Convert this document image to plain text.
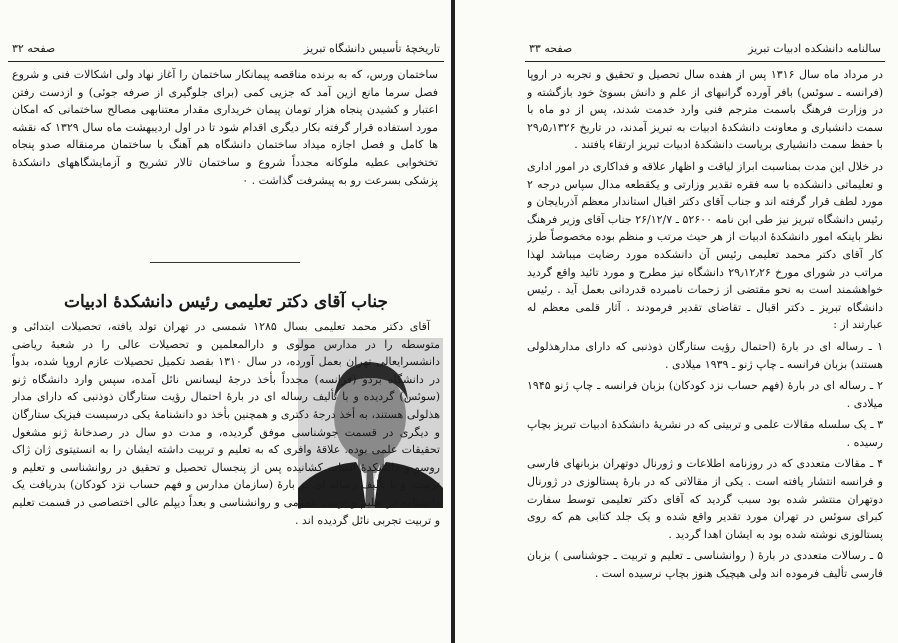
صفحه ۳۲	تاریخچهٔ تأسیس دانشگاه تبریز

ساختمان ورس، که به برنده مناقصه پیمانکار ساختمان را آغاز نهاد ولی اشکالات فنی و شروع فصل سرما مانع ازین آمد که جزیی کمی (برای جلوگیری از صرفه جوئی) و ازدست رفتن اعتبار و کشیدن پنجاه هزار تومان پیمان خریداری مقدار معتنابهی مصالح ساختمانی که امکان مورد استفاده قرار گرفته بکار دیگری اقدام شود تا در اول اردیبهشت ماه سال ۱۳۲۹ که نقشه ها کامل و فصل اجازه میداد ساختمان دانشگاه هم آهنگ با ساختمان مرمنقاله صدو پنجاه تختخوابی عطیه ملوکانه مجدداً شروع و ساختمان تالار تشریح و آزمایشگاههای دانشکدهٔ پزشکی بسرعت رو به پیشرفت گذاشت . ۰

جناب آقای دکتر تعلیمی رئیس دانشکدهٔ ادبیات

آقای دکتر محمد تعلیمی بسال ۱۲۸۵ شمسی در تهران تولد یافته، تحصیلات ابتدائی و متوسطه را در مدارس مولوی و دارالمعلمین و تحصیلات عالی را در شعبهٔ ریاضی دانشسرایعالی تهران بعمل آورده، در سال ۱۳۱۰ بقصد تکمیل تحصیلات عازم اروپا شده، بدواً در دانشگاه بردو (فرانسه) مجدداً بأخذ درجهٔ لیسانس نائل آمده، سپس وارد دانشگاه ژنو (سوئس) گردیده و با تألیف رساله ای در بارهٔ احتمال رؤیت ستارگان ذوذنبی که دارای مدار هذلولی هستند، به أخذ درجهٔ دکتری و همچنین بأخذ دو دانشنامهٔ یکی درسیست فیزیک ستارگان و دیگری در قسمت جوشناسی موفق گردیده، و مدت دو سال در رصدخانهٔ ژنو مشغول تحقیقات علمی بوده. علاقهٔ وافری که به تعلیم و تربیت داشته ایشان را به انستیتوی ژان ژاک روسو و دانشکدهٔ ادبیات کشانیده پس از پنجسال تحصیل و تحقیق در روانشناسی و تعلیم و تربیت، و با تألیف رساله ای در بارهٔ (سازمان مدارس و فهم حساب نزد کودکان) بدریافت یک دانشنامه در تعلیم و تربیت عمومی و روانشناسی و بعداً دیپلم عالی اختصاصی در قسمت تعلیم و تربیت تجربی نائل گردیده اند .

صفحه ۳۳	سالنامه دانشکده ادبیات تبریز

در مرداد ماه سال ۱۳۱۶ پس از هفده سال تحصیل و تحقیق و تجربه در اروپا (فرانسه ـ سوئس) بافر آورده گرانبهای از علم و دانش بسوئ خود بازگشته و در وزارت فرهنگ باسمت مترجم فنی وارد خدمت شدند، پس از دو ماه با سمت دانشیاری و معاونت دانشکدهٔ ادبیات به تبریز آمدند، در تاریخ ۲۹٫۵٫۱۳۲۶ با حفظ سمت دانشیاری بریاست دانشکدهٔ ادبیات تبریز ارتقاء یافتند .

در خلال این مدت بمناسبت ابراز لیاقت و اظهار علاقه و فداکاری در امور اداری و تعلیماتی دانشکده با سه فقره تقدیر وزارتی و یکقطعه مدال سپاس درجه ۲ مورد لطف قرار گرفته اند و جناب آقای دکتر اقبال استاندار معظم آذربایجان و رئیس دانشگاه تبریز نیز طی ابن نامه ۵۲۶۰۰ ـ ۲۶/۱۲/۷ جناب آقای وزیر فرهنگ نظر باینکه امور دانشکدهٔ ادبیات از هر حیث مرتب و منظم بوده مخصوصاً طرز کار آقای دکتر محمد تعلیمی رئیس آن دانشکده مورد رضایت میباشد لهذا مراتب در شورای مورخ ۲۹٫۱۲٫۲۶ دانشگاه نیز مطرح و مورد تائید واقع گردید خواهشمند است به نحو مقتضی از زحمات نامبرده قدردانی بعمل آید . رئیس دانشگاه تبریز ـ دکتر اقبال ـ تقاضای تقدیر فرمودند . آثار قلمی معظم له عبارتند از :

۱ ـ رساله ای در بارهٔ (احتمال رؤیت ستارگان ذوذنبی که دارای مدارهذلولی هستند) بزبان فرانسه ـ چاپ ژنو ـ ۱۹۳۹ میلادی .

۲ ـ رساله ای در بارهٔ (فهم حساب نزد کودکان) بزبان فرانسه ـ چاپ ژنو ۱۹۴۵ میلادی .

۳ ـ یک سلسله مقالات علمی و تربیتی که در نشریهٔ دانشکدهٔ ادبیات تبریز بچاپ رسیده .

۴ ـ مقالات متعددی که در روزنامه اطلاعات و ژورنال دوتهران بزبانهای فارسی و فرانسه انتشار یافته است . یکی از مقالاتی که در بارهٔ پستالوزی در ژورنال دوتهران منتشر شده بود سبب گردید که آقای دکتر تعلیمی توسط سفارت کبرای سوئس در تهران مورد تقدیر واقع شده و یک جلد کتابی هم که روی پستالوزی نوشته شده بود به ایشان اهدا گردید .

۵ ـ رسالات متعددی در بارهٔ ( روانشناسی ـ تعلیم و تربیت ـ جوشناسی ) بزبان فارسی تألیف فرموده اند ولی هیچیک هنوز بچاپ نرسیده است .
